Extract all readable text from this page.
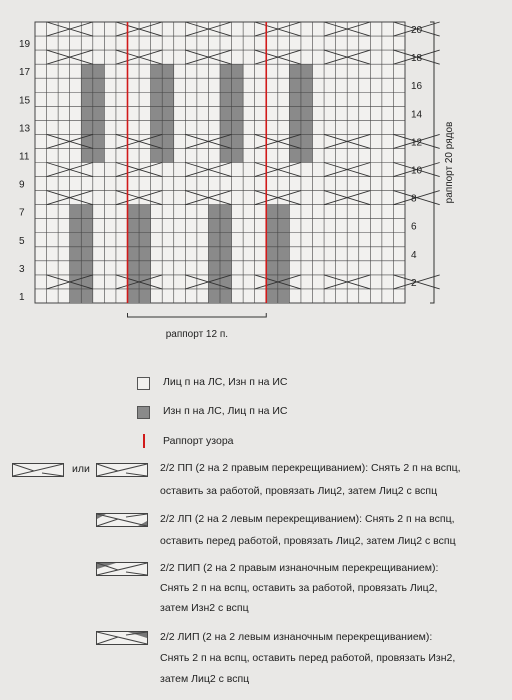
19
17
15
13
11
9
7
5
3
1
20
18
16
14
12
10
8
6
4
2
раппорт 20 рядов
раппорт 12 п.
Лиц п на ЛС, Изн п на ИС
Изн п на ЛС, Лиц п на ИС
Раппорт узора
или	2/2 ПП (2 на 2 правым перекрещиванием): Снять 2 п на вспц,
оставить за работой, провязать Лиц2, затем Лиц2 с вспц
2/2 ЛП (2 на 2 левым перекрещиванием): Снять 2 п на вспц,
оставить перед работой, провязать Лиц2, затем Лиц2 с вспц
2/2 ПИП (2 на 2 правым изнаночным перекрещиванием):
Снять 2 п на вспц, оставить за работой, провязать Лиц2,
затем Изн2 с вспц
2/2 ЛИП (2 на 2 левым изнаночным перекрещиванием):
Снять 2 п на вспц, оставить перед работой, провязать Изн2,
затем Лиц2 с вспц
